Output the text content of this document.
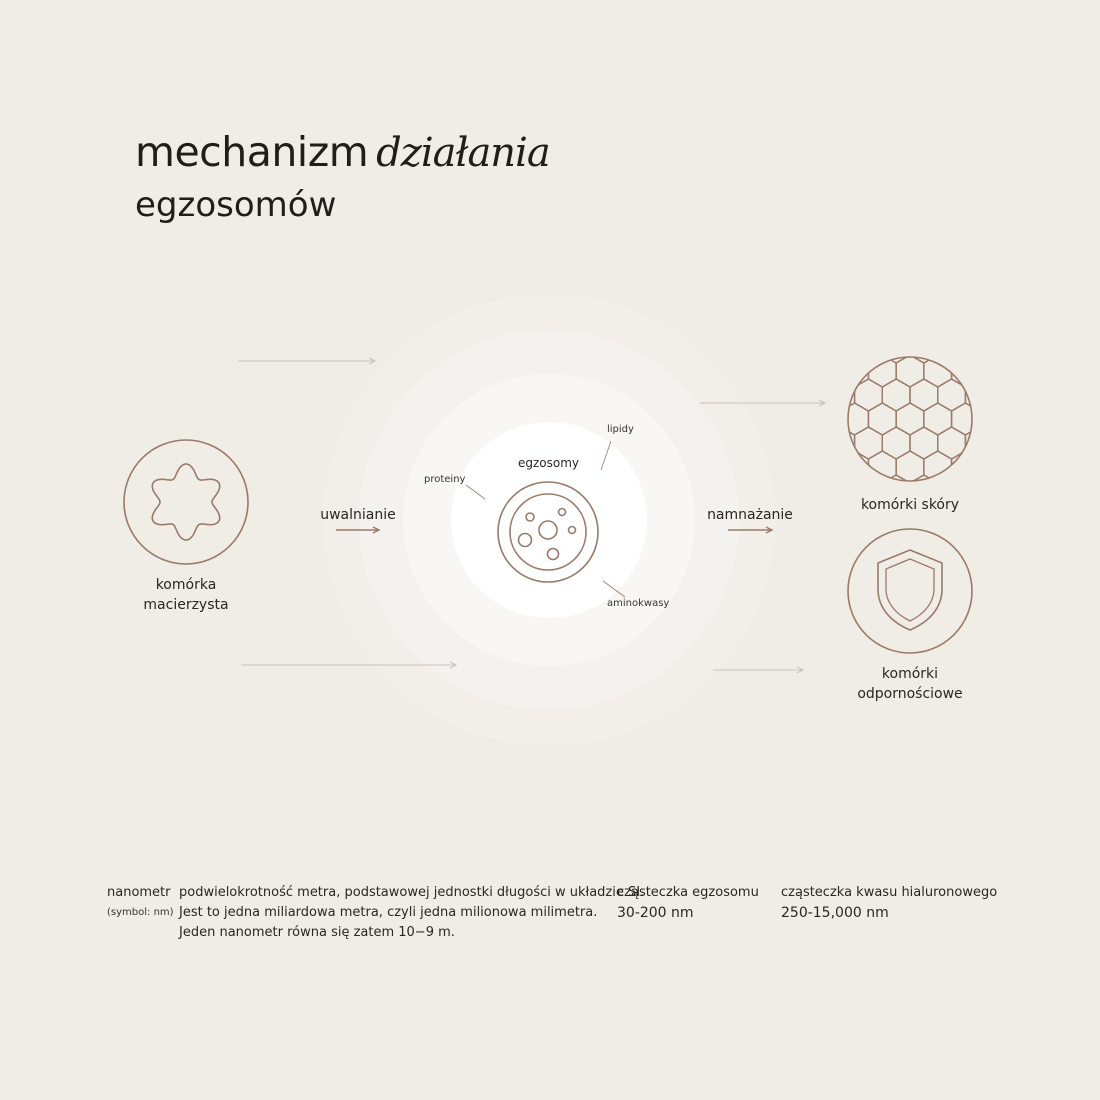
mechanizm działania
egzosomów
komórka
macierzysta
uwalnianie
egzosomy
lipidy
proteiny
aminokwasy
namnażanie
komórki skóry
komórki
odpornościowe
nanometr
(symbol: nm)
podwielokrotność metra, podstawowej jednostki długości w układzie SI.
Jest to jedna miliardowa metra, czyli jedna milionowa milimetra.
Jeden nanometr równa się zatem 10−9 m.
cząsteczka egzosomu
30-200 nm
cząsteczka kwasu hialuronowego
250-15,000 nm
